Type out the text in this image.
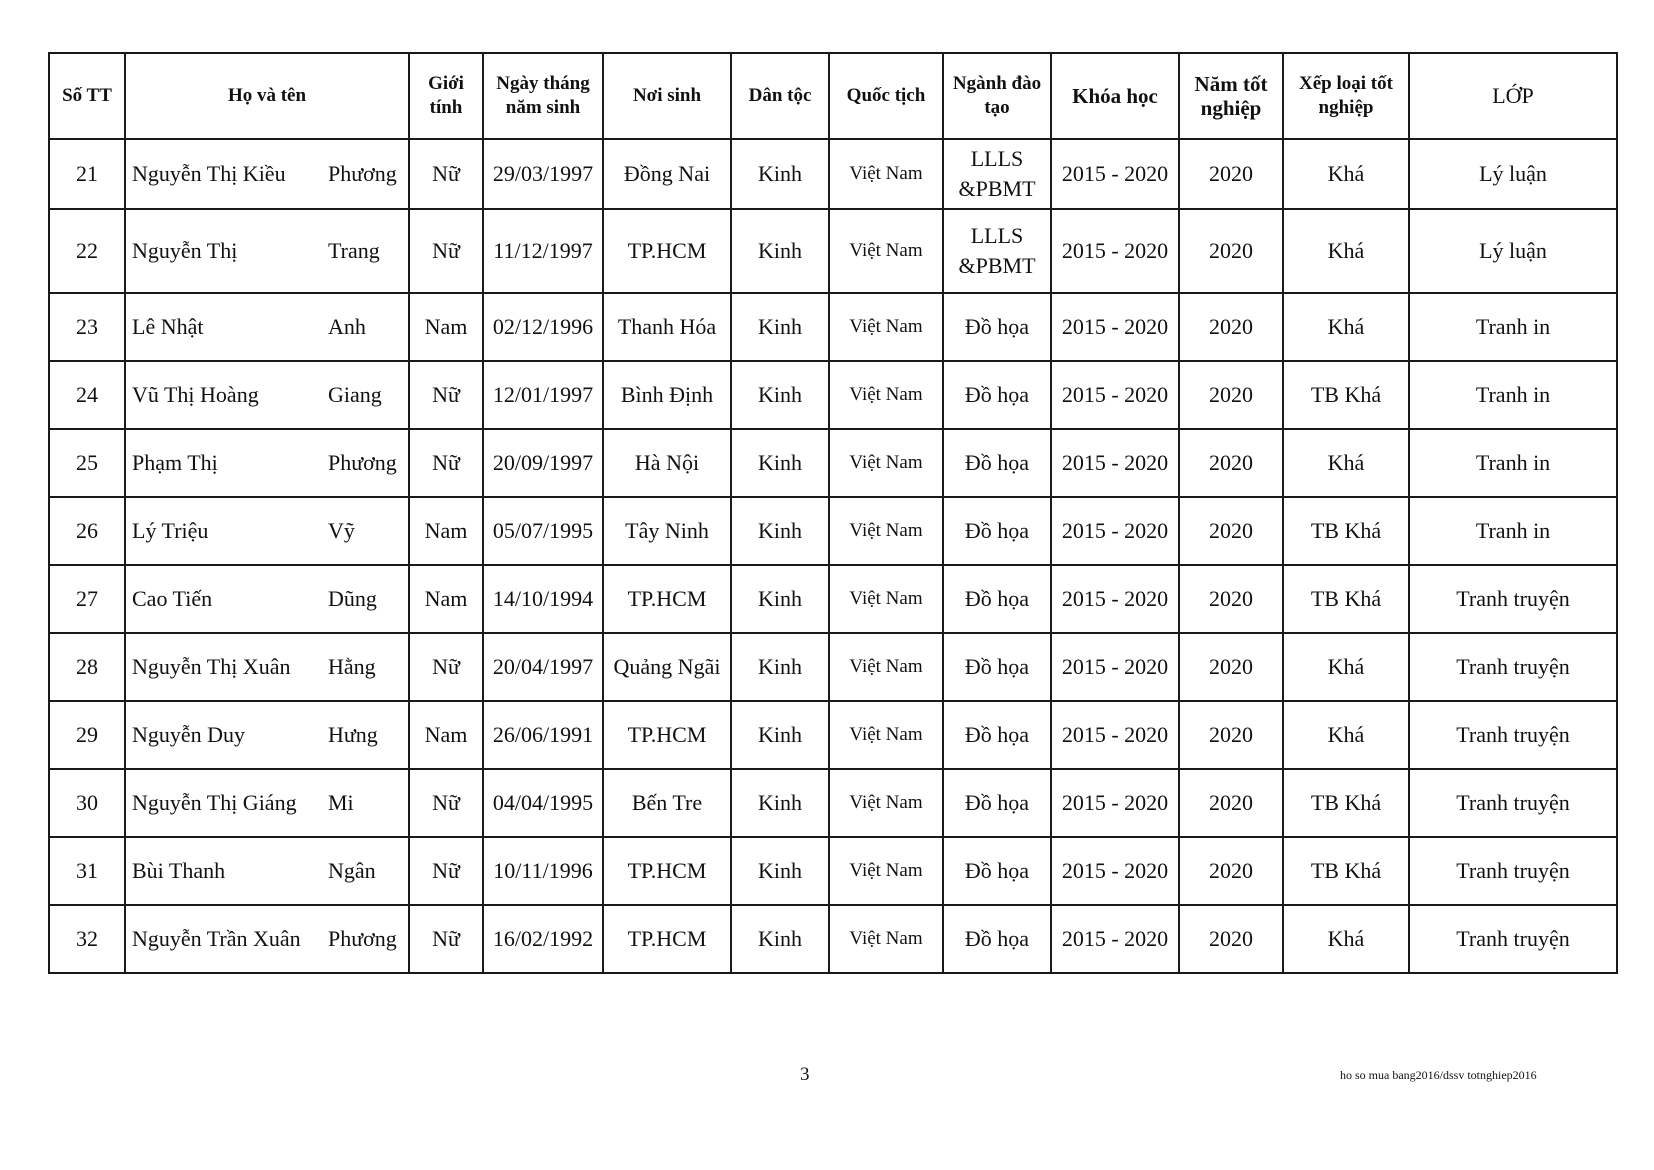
Số TT	Họ và tên	Giới tính	Ngày tháng năm sinh	Nơi sinh	Dân tộc	Quốc tịch	Ngành đào tạo	Khóa học	Năm tốt nghiệp	Xếp loại tốt nghiệp	LỚP
21	Nguyễn Thị Kiều Phương	Nữ	29/03/1997	Đồng Nai	Kinh	Việt Nam	LLLS &PBMT	2015 - 2020	2020	Khá	Lý luận
22	Nguyễn Thị Trang	Nữ	11/12/1997	TP.HCM	Kinh	Việt Nam	LLLS &PBMT	2015 - 2020	2020	Khá	Lý luận
23	Lê Nhật Anh	Nam	02/12/1996	Thanh Hóa	Kinh	Việt Nam	Đồ họa	2015 - 2020	2020	Khá	Tranh in
24	Vũ Thị Hoàng Giang	Nữ	12/01/1997	Bình Định	Kinh	Việt Nam	Đồ họa	2015 - 2020	2020	TB Khá	Tranh in
25	Phạm Thị Phương	Nữ	20/09/1997	Hà Nội	Kinh	Việt Nam	Đồ họa	2015 - 2020	2020	Khá	Tranh in
26	Lý Triệu Vỹ	Nam	05/07/1995	Tây Ninh	Kinh	Việt Nam	Đồ họa	2015 - 2020	2020	TB Khá	Tranh in
27	Cao Tiến Dũng	Nam	14/10/1994	TP.HCM	Kinh	Việt Nam	Đồ họa	2015 - 2020	2020	TB Khá	Tranh truyện
28	Nguyễn Thị Xuân Hằng	Nữ	20/04/1997	Quảng Ngãi	Kinh	Việt Nam	Đồ họa	2015 - 2020	2020	Khá	Tranh truyện
29	Nguyễn Duy Hưng	Nam	26/06/1991	TP.HCM	Kinh	Việt Nam	Đồ họa	2015 - 2020	2020	Khá	Tranh truyện
30	Nguyễn Thị Giáng Mi	Nữ	04/04/1995	Bến Tre	Kinh	Việt Nam	Đồ họa	2015 - 2020	2020	TB Khá	Tranh truyện
31	Bùi Thanh Ngân	Nữ	10/11/1996	TP.HCM	Kinh	Việt Nam	Đồ họa	2015 - 2020	2020	TB Khá	Tranh truyện
32	Nguyễn Trần Xuân Phương	Nữ	16/02/1992	TP.HCM	Kinh	Việt Nam	Đồ họa	2015 - 2020	2020	Khá	Tranh truyện
3	ho so mua bang2016/dssv totnghiep2016
